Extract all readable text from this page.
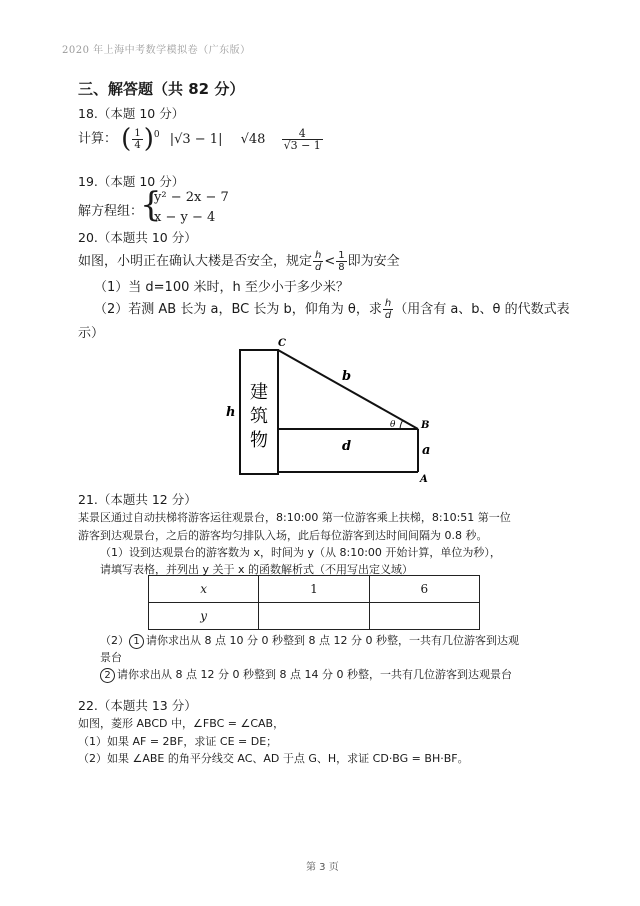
2020 年上海中考数学模拟卷（广东版）
三、解答题（共 82 分）
18.（本题 10 分）
计算： ( $\frac{1}{4} )^0$ |√3 − 1| $√48 \frac{4}{√3 - 1}$
19.（本题 10 分）
解方程组：
{
y² − 2x − 7
x − y − 4
20.（本题共 10 分）
如图，小明正在确认大楼是否安全，规定 $\frac{h}{d} < \frac{1}{8}$ 即为安全
（1）当 d=100 米时，h 至少小于多少米？
（2）若测 AB 长为 a，BC 长为 b，仰角为 θ，求 $\frac{h}{d}$ （用含有 a、b、θ 的代数式表
示）
建
筑
物
C
B
A
b
d
h
a
θ
21.（本题共 12 分）
某景区通过自动扶梯将游客运往观景台，8:10:00 第一位游客乘上扶梯，8:10:51 第一位
游客到达观景台，之后的游客均匀排队入场，此后每位游客到达时间间隔为 0.8 秒。
（1）设到达观景台的游客数为 x，时间为 y（从 8:10:00 开始计算，单位为秒），
请填写表格，并列出 y 关于 x 的函数解析式（不用写出定义域）
x	1	6
y		
（2） 1 请你求出从 8 点 10 分 0 秒整到 8 点 12 分 0 秒整，一共有几位游客到达观
景台
2 请你求出从 8 点 12 分 0 秒整到 8 点 14 分 0 秒整，一共有几位游客到达观景台
22.（本题共 13 分）
如图，菱形 ABCD 中，∠FBC = ∠CAB，
（1）如果 AF = 2BF，求证 CE = DE；
（2）如果 ∠ABE 的角平分线交 AC、AD 于点 G、H，求证 CD·BG = BH·BF。
第 3 页
